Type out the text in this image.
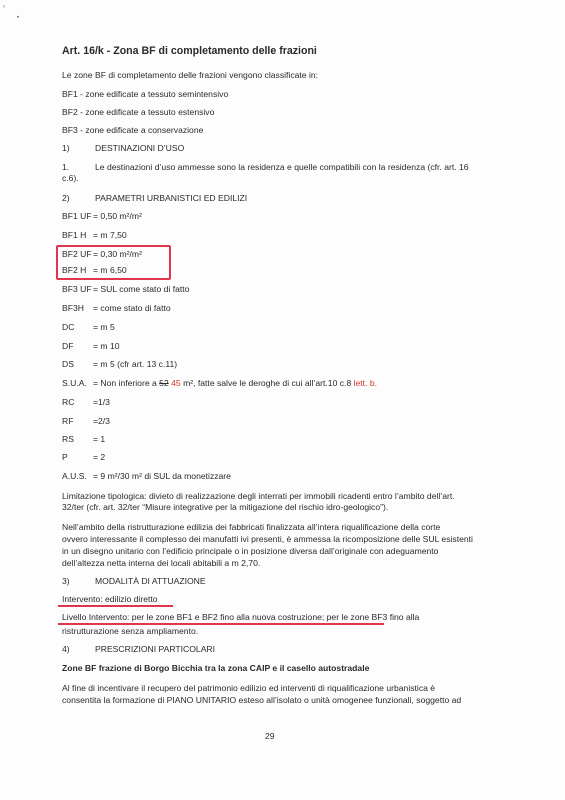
’
•
Art. 16/k - Zona BF di completamento delle frazioni
Le zone BF di completamento delle frazioni vengono classificate in:
BF1 - zone edificate a tessuto semintensivo
BF2 - zone edificate a tessuto estensivo
BF3 - zone edificate a conservazione
1)	DESTINAZIONI D’USO
1.	Le destinazioni d’uso ammesse sono la residenza e quelle compatibili con la residenza (cfr. art. 16
c.6).
2)	PARAMETRI URBANISTICI ED EDILIZI
BF1 UF = 0,50 m²/m²
BF1 H = m 7,50
BF2 UF = 0,30 m²/m²
BF2 H = m 6,50
BF3 UF = SUL come stato di fatto
BF3H = come stato di fatto
DC = m 5
DF = m 10
DS = m 5 (cfr art. 13 c.11)
S.U.A. = Non inferiore a 52 45 m², fatte salve le deroghe di cui all’art.10 c.8 lett. b.
RC =1/3
RF =2/3
RS = 1
P	= 2
A.U.S. = 9 m²/30 m² di SUL da monetizzare
Limitazione tipologica: divieto di realizzazione degli interrati per immobili ricadenti entro l’ambito dell’art.
32/ter (cfr. art. 32/ter “Misure integrative per la mitigazione del rischio idro-geologico”).
Nell’ambito della ristrutturazione edilizia dei fabbricati finalizzata all’intera riqualificazione della corte
ovvero interessante il complesso dei manufatti ivi presenti, è ammessa la ricomposizione delle SUL esistenti
in un disegno unitario con l’edificio principale o in posizione diversa dall’originale con adeguamento
dell’altezza netta interna dei locali abitabili a m 2,70.
3)	MODALITÀ DI ATTUAZIONE
Intervento: edilizio diretto
Livello Intervento: per le zone BF1 e BF2 fino alla nuova costruzione; per le zone BF3 fino alla
ristrutturazione senza ampliamento.
4)	PRESCRIZIONI PARTICOLARI
Zone BF frazione di Borgo Bicchia tra la zona CAIP e il casello autostradale
Al fine di incentivare il recupero del patrimonio edilizio ed interventi di riqualificazione urbanistica è
consentita la formazione di PIANO UNITARIO esteso all’isolato o unità omogenee funzionali, soggetto ad
29
